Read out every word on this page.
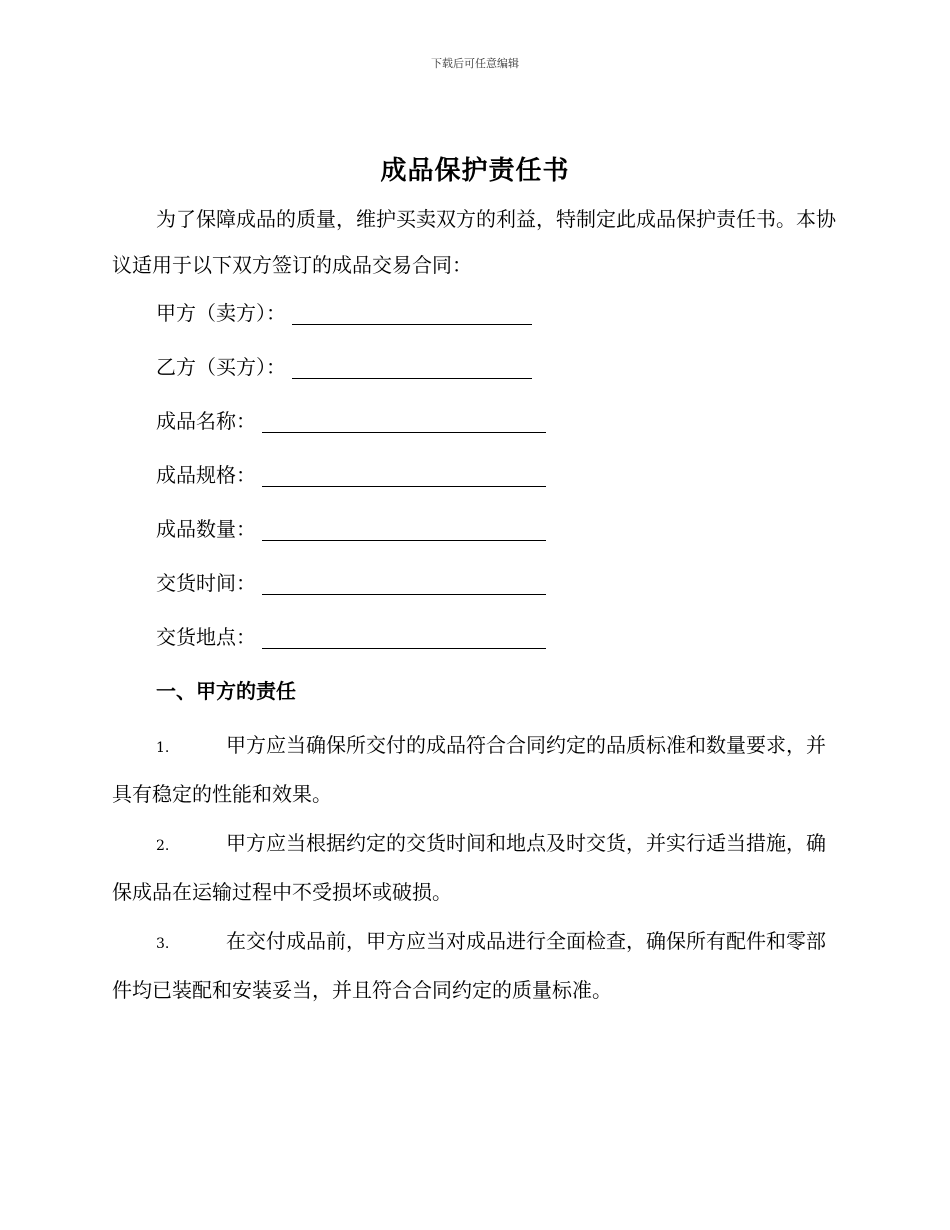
下载后可任意编辑
成品保护责任书

为了保障成品的质量，维护买卖双方的利益，特制定此成品保护责任书。本协议适用于以下双方签订的成品交易合同：

甲方（卖方）：
乙方（买方）：
成品名称：
成品规格：
成品数量：
交货时间：
交货地点：
一、甲方的责任

1.	甲方应当确保所交付的成品符合合同约定的品质标准和数量要求，并具有稳定的性能和效果。

2.	甲方应当根据约定的交货时间和地点及时交货，并实行适当措施，确保成品在运输过程中不受损坏或破损。

3.	在交付成品前，甲方应当对成品进行全面检查，确保所有配件和零部件均已装配和安装妥当，并且符合合同约定的质量标准。
